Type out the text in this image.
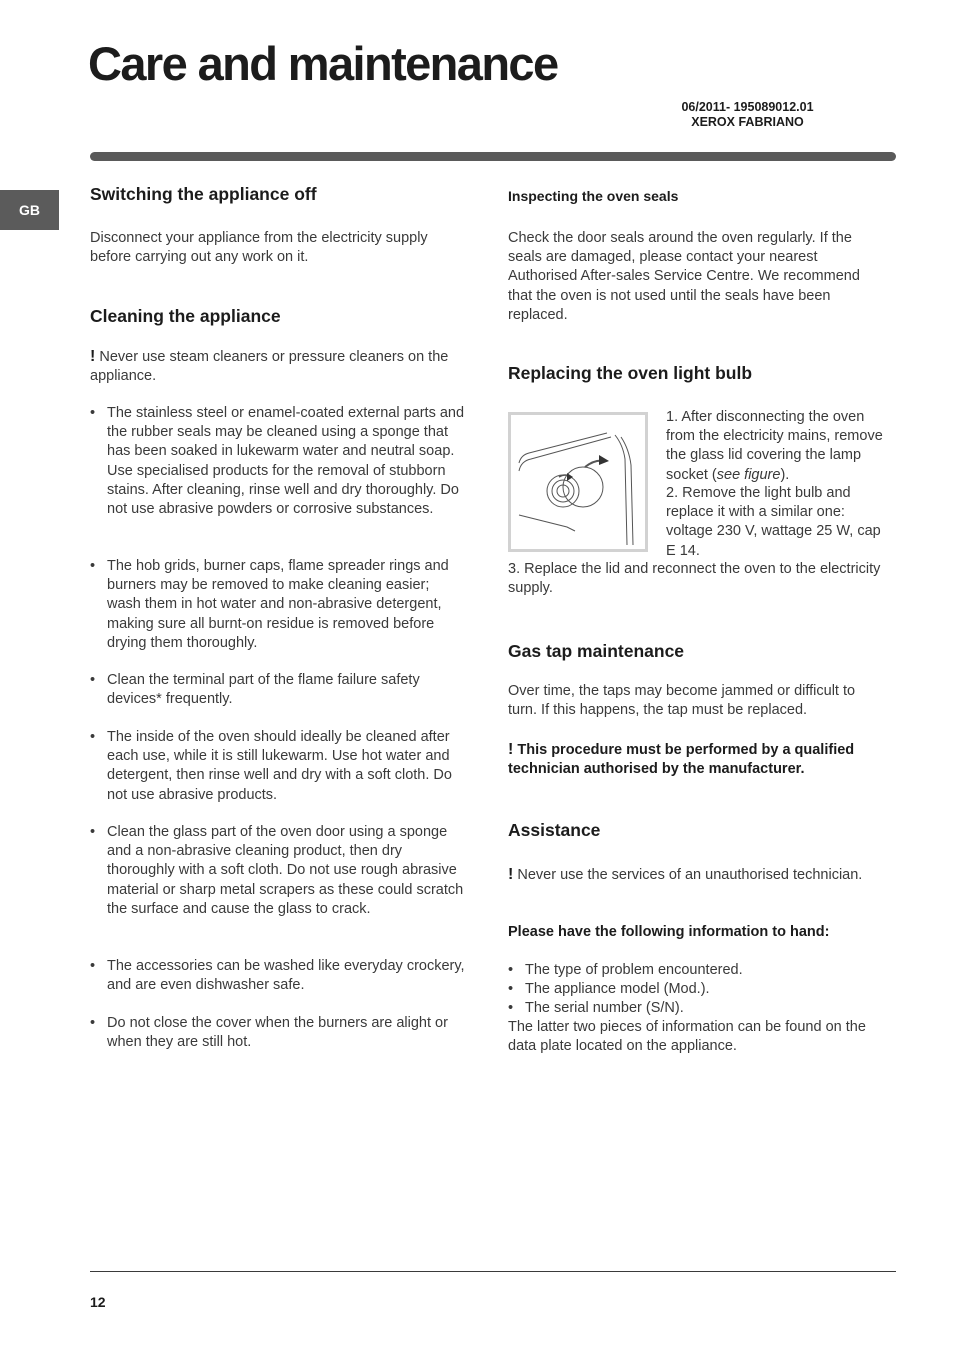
Care and maintenance
06/2011- 195089012.01
XEROX FABRIANO
GB
Switching the appliance off

Disconnect your appliance from the electricity supply before carrying out any work on it.

Cleaning the appliance

! Never use steam cleaners or pressure cleaners on the appliance.

• The stainless steel or enamel-coated external parts and the rubber seals may be cleaned using a sponge that has been soaked in lukewarm water and neutral soap. Use specialised products for the removal of stubborn stains. After cleaning, rinse well and dry thoroughly. Do not use abrasive powders or corrosive substances.
• The hob grids, burner caps, flame spreader rings and burners may be removed to make cleaning easier; wash them in hot water and non-abrasive detergent, making sure all burnt-on residue is removed before drying them thoroughly.
• Clean the terminal part of the flame failure safety devices* frequently.
• The inside of the oven should ideally be cleaned after each use, while it is still lukewarm. Use hot water and detergent, then rinse well and dry with a soft cloth. Do not use abrasive products.
• Clean the glass part of the oven door using a sponge and a non-abrasive cleaning product, then dry thoroughly with a soft cloth. Do not use rough abrasive material or sharp metal scrapers as these could scratch the surface and cause the glass to crack.
• The accessories can be washed like everyday crockery, and are even dishwasher safe.
• Do not close the cover when the burners are alight or when they are still hot.
Inspecting the oven seals

Check the door seals around the oven regularly. If the seals are damaged, please contact your nearest Authorised After-sales Service Centre. We recommend that the oven is not used until the seals have been replaced.

Replacing the oven light bulb

1. After disconnecting the oven from the electricity mains, remove the glass lid covering the lamp socket (see figure).

2. Remove the light bulb and replace it with a similar one: voltage 230 V, wattage 25 W, cap E 14.

3. Replace the lid and reconnect the oven to the electricity supply.

Gas tap maintenance

Over time, the taps may become jammed or difficult to turn. If this happens, the tap must be replaced.

! This procedure must be performed by a qualified technician authorised by the manufacturer.

Assistance

! Never use the services of an unauthorised technician.

Please have the following information to hand:

• The type of problem encountered.
• The appliance model (Mod.).
• The serial number (S/N).

The latter two pieces of information can be found on the data plate located on the appliance.

12
